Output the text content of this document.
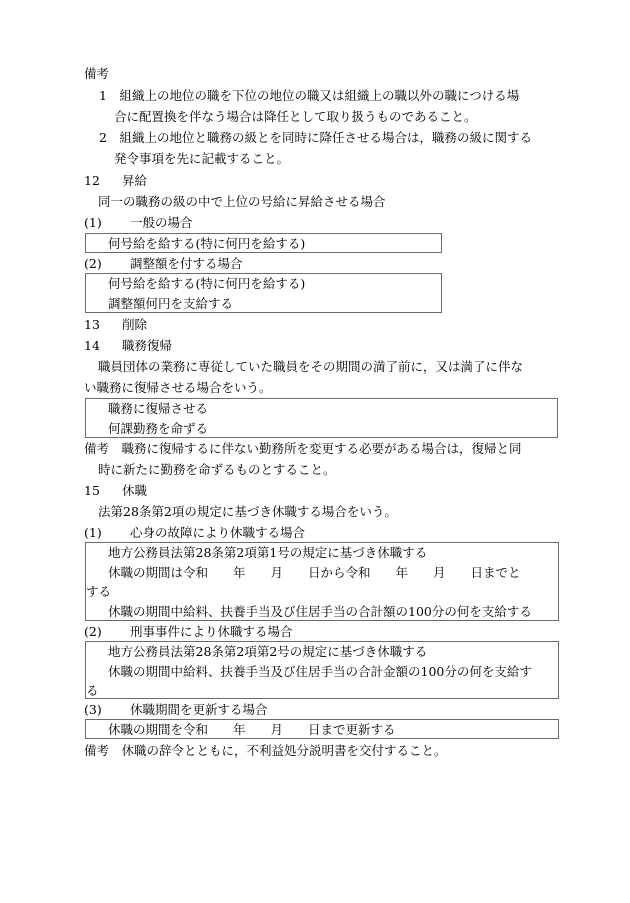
備考

1　組織上の地位の職を下位の地位の職又は組織上の職以外の職につける場

合に配置換を伴なう場合は降任として取り扱うものであること。

2　組織上の地位と職務の級とを同時に降任させる場合は，職務の級に関する

発令事項を先に記載すること。

12 昇給

同一の職務の級の中で上位の号給に昇給させる場合

(1) 一般の場合

何号給を給する(特に何円を給する)

(2) 調整額を付する場合

何号給を給する(特に何円を給する)
調整額何円を支給する

13 削除

14 職務復帰

職員団体の業務に専従していた職員をその期間の満了前に，又は満了に伴な

い職務に復帰させる場合をいう。

職務に復帰させる
何課勤務を命ずる

備考　職務に復帰するに伴ない勤務所を変更する必要がある場合は，復帰と同

時に新たに勤務を命ずるものとすること。

15 休職

法第28条第2項の規定に基づき休職する場合をいう。

(1) 心身の故障により休職する場合

地方公務員法第28条第2項第1号の規定に基づき休職する
休職の期間は令和　　年　　月　　日から令和　　年　　月　　日までと
する
休職の期間中給料、扶養手当及び住居手当の合計額の100分の何を支給する

(2) 刑事事件により休職する場合

地方公務員法第28条第2項第2号の規定に基づき休職する
休職の期間中給料、扶養手当及び住居手当の合計金額の100分の何を支給す
る

(3) 休職期間を更新する場合

休職の期間を令和　　年　　月　　日まで更新する

備考　休職の辞令とともに，不利益処分説明書を交付すること。
